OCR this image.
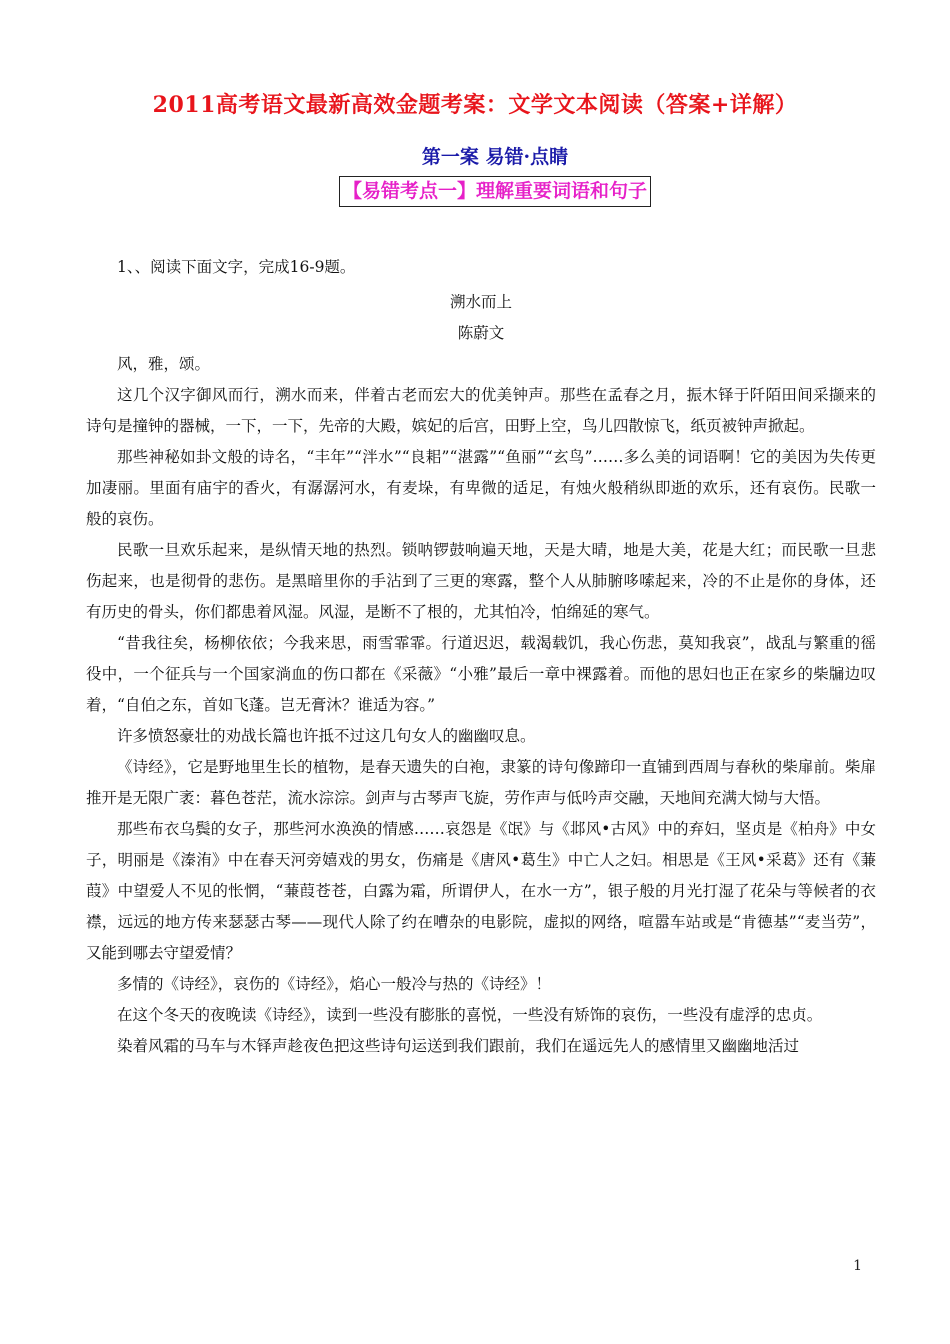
2011高考语文最新高效金题考案：文学文本阅读（答案+详解）
第一案 易错·点睛
【易错考点一】理解重要词语和句子

1、、阅读下面文字，完成16-9题。

溯水而上

陈蔚文

风，雅，颂。

这几个汉字御风而行，溯水而来，伴着古老而宏大的优美钟声。那些在孟春之月，振木铎于阡陌田间采撷来的诗句是撞钟的器械，一下，一下，先帝的大殿，嫔妃的后宫，田野上空，鸟儿四散惊飞，纸页被钟声掀起。

那些神秘如卦文般的诗名，“丰年”“泮水”“良耜”“湛露”“鱼丽”“玄鸟”……多么美的词语啊！它的美因为失传更加凄丽。里面有庙宇的香火，有潺潺河水，有麦垛，有卑微的适足，有烛火般稍纵即逝的欢乐，还有哀伤。民歌一般的哀伤。

民歌一旦欢乐起来，是纵情天地的热烈。锁呐锣鼓响遍天地，天是大晴，地是大美，花是大红；而民歌一旦悲伤起来，也是彻骨的悲伤。是黑暗里你的手沾到了三更的寒露，整个人从肺腑哆嗦起来，冷的不止是你的身体，还有历史的骨头，你们都患着风湿。风湿，是断不了根的，尤其怕冷，怕绵延的寒气。

“昔我往矣，杨柳依依；今我来思，雨雪霏霏。行道迟迟，载渴载饥，我心伤悲，莫知我哀”，战乱与繁重的徭役中，一个征兵与一个国家淌血的伤口都在《采薇》“小雅”最后一章中裸露着。而他的思妇也正在家乡的柴牖边叹着，“自伯之东，首如飞蓬。岂无膏沐？谁适为容。”

许多愤怒豪壮的劝战长篇也许抵不过这几句女人的幽幽叹息。

《诗经》，它是野地里生长的植物，是春天遗失的白袍，隶篆的诗句像蹄印一直铺到西周与春秋的柴扉前。柴扉推开是无限广袤：暮色苍茫，流水淙淙。剑声与古琴声飞旋，劳作声与低吟声交融，天地间充满大恸与大悟。

那些布衣乌鬓的女子，那些河水涣涣的情感……哀怨是《氓》与《邶风•古风》中的弃妇，坚贞是《柏舟》中女子，明丽是《溱洧》中在春天河旁嬉戏的男女，伤痛是《唐风•葛生》中亡人之妇。相思是《王风•采葛》还有《蒹葭》中望爱人不见的怅惘，“蒹葭苍苍，白露为霜，所谓伊人，在水一方”，银子般的月光打湿了花朵与等候者的衣襟，远远的地方传来瑟瑟古琴——现代人除了约在嘈杂的电影院，虚拟的网络，喧嚣车站或是“肯德基”“麦当劳”，又能到哪去守望爱情？

多情的《诗经》，哀伤的《诗经》，焰心一般冷与热的《诗经》！

在这个冬天的夜晚读《诗经》，读到一些没有膨胀的喜悦，一些没有矫饰的哀伤，一些没有虚浮的忠贞。

染着风霜的马车与木铎声趁夜色把这些诗句运送到我们跟前，我们在遥远先人的感情里又幽幽地活过

1
